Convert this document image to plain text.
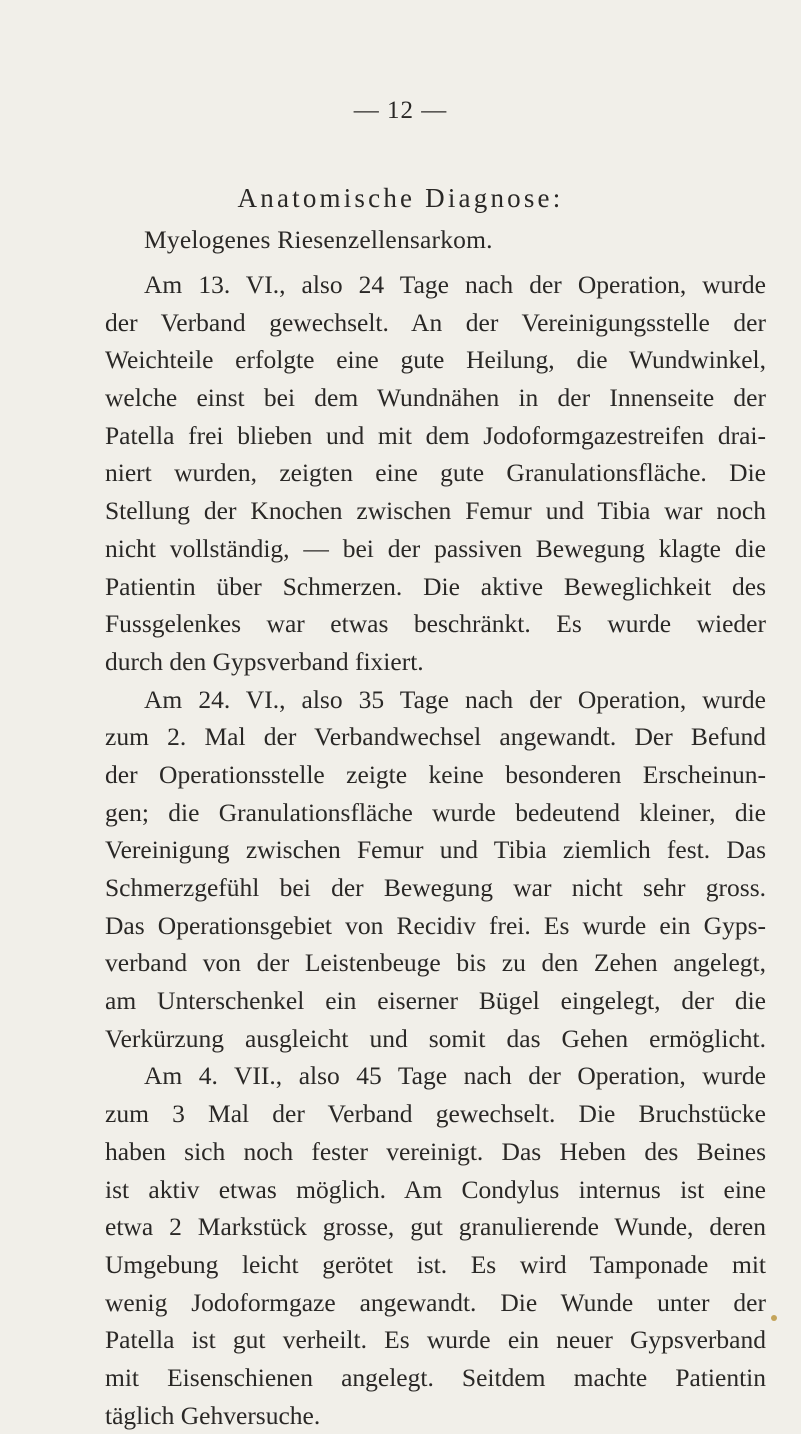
— 12 —
Anatomische Diagnose:
Myelogenes Riesenzellensarkom.
Am 13. VI., also 24 Tage nach der Operation, wurde
der Verband gewechselt. An der Vereinigungsstelle der
Weichteile erfolgte eine gute Heilung, die Wundwinkel,
welche einst bei dem Wundnähen in der Innenseite der
Patella frei blieben und mit dem Jodoformgazestreifen drai-
niert wurden, zeigten eine gute Granulationsfläche. Die
Stellung der Knochen zwischen Femur und Tibia war noch
nicht vollständig, — bei der passiven Bewegung klagte die
Patientin über Schmerzen. Die aktive Beweglichkeit des
Fussgelenkes war etwas beschränkt. Es wurde wieder
durch den Gypsverband fixiert.
Am 24. VI., also 35 Tage nach der Operation, wurde
zum 2. Mal der Verbandwechsel angewandt. Der Befund
der Operationsstelle zeigte keine besonderen Erscheinun-
gen; die Granulationsfläche wurde bedeutend kleiner, die
Vereinigung zwischen Femur und Tibia ziemlich fest. Das
Schmerzgefühl bei der Bewegung war nicht sehr gross.
Das Operationsgebiet von Recidiv frei. Es wurde ein Gyps-
verband von der Leistenbeuge bis zu den Zehen angelegt,
am Unterschenkel ein eiserner Bügel eingelegt, der die
Verkürzung ausgleicht und somit das Gehen ermöglicht.
Am 4. VII., also 45 Tage nach der Operation, wurde
zum 3 Mal der Verband gewechselt. Die Bruchstücke
haben sich noch fester vereinigt. Das Heben des Beines
ist aktiv etwas möglich. Am Condylus internus ist eine
etwa 2 Markstück grosse, gut granulierende Wunde, deren
Umgebung leicht gerötet ist. Es wird Tamponade mit
wenig Jodoformgaze angewandt. Die Wunde unter der
Patella ist gut verheilt. Es wurde ein neuer Gypsverband
mit Eisenschienen angelegt. Seitdem machte Patientin
täglich Gehversuche.
